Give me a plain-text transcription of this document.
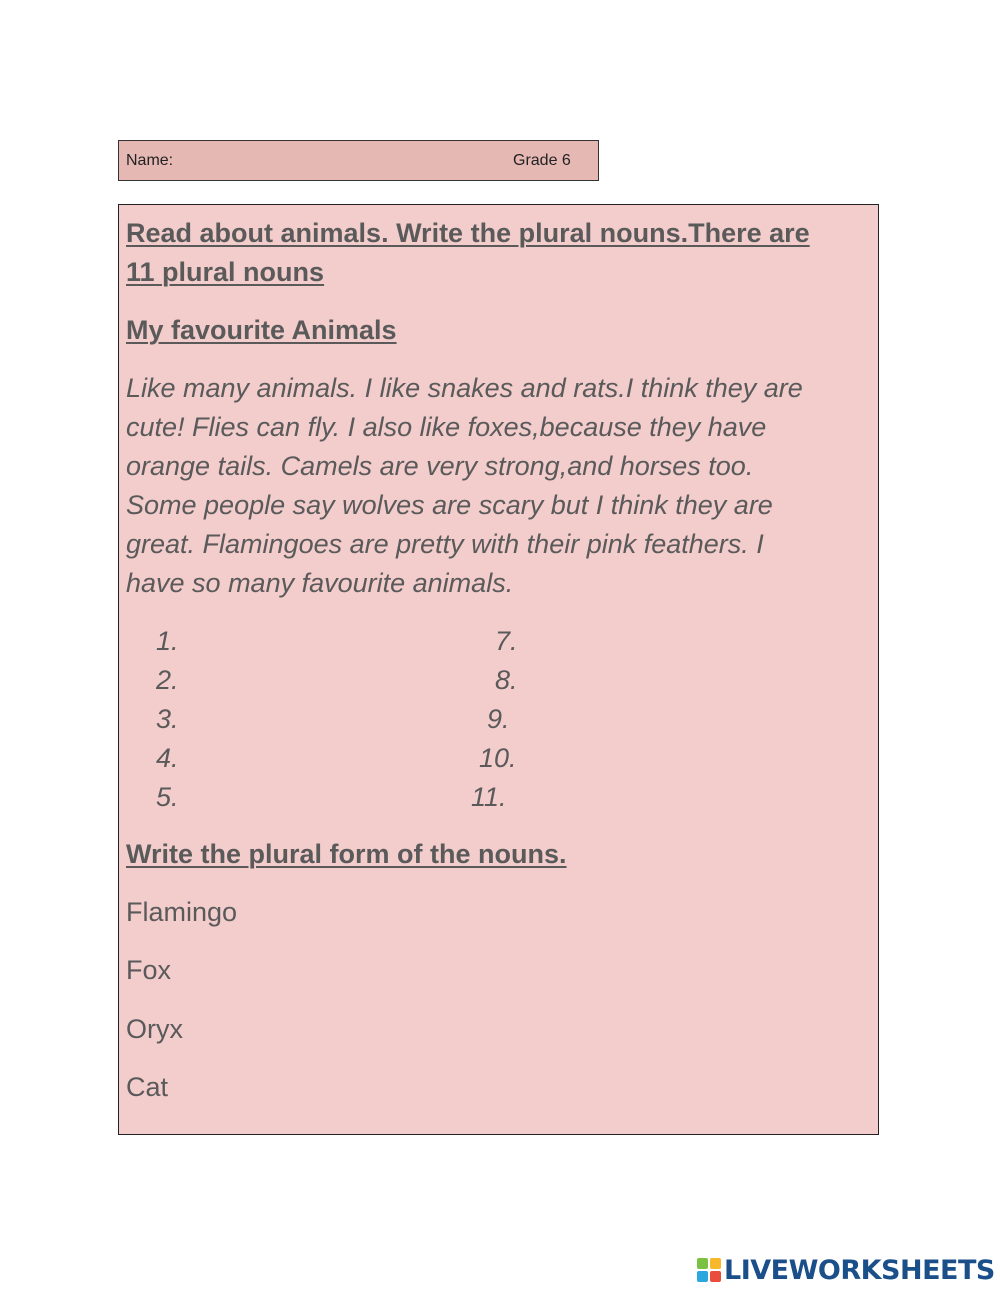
Name:	Grade 6
Read about animals. Write the plural nouns.There are
11 plural nouns
My favourite Animals
Like many animals. I like snakes and rats.I think they are
cute! Flies can fly. I also like foxes,because they have
orange tails. Camels are very strong,and horses too.
Some people say wolves are scary but I think they are
great. Flamingoes are pretty with their pink feathers. I
have so many favourite animals.
1.
2.
3.
4.
5.
7.
8.
9.
10.
11.
Write the plural form of the nouns.
Flamingo
Fox
Oryx
Cat
LIVEWORKSHEETS
